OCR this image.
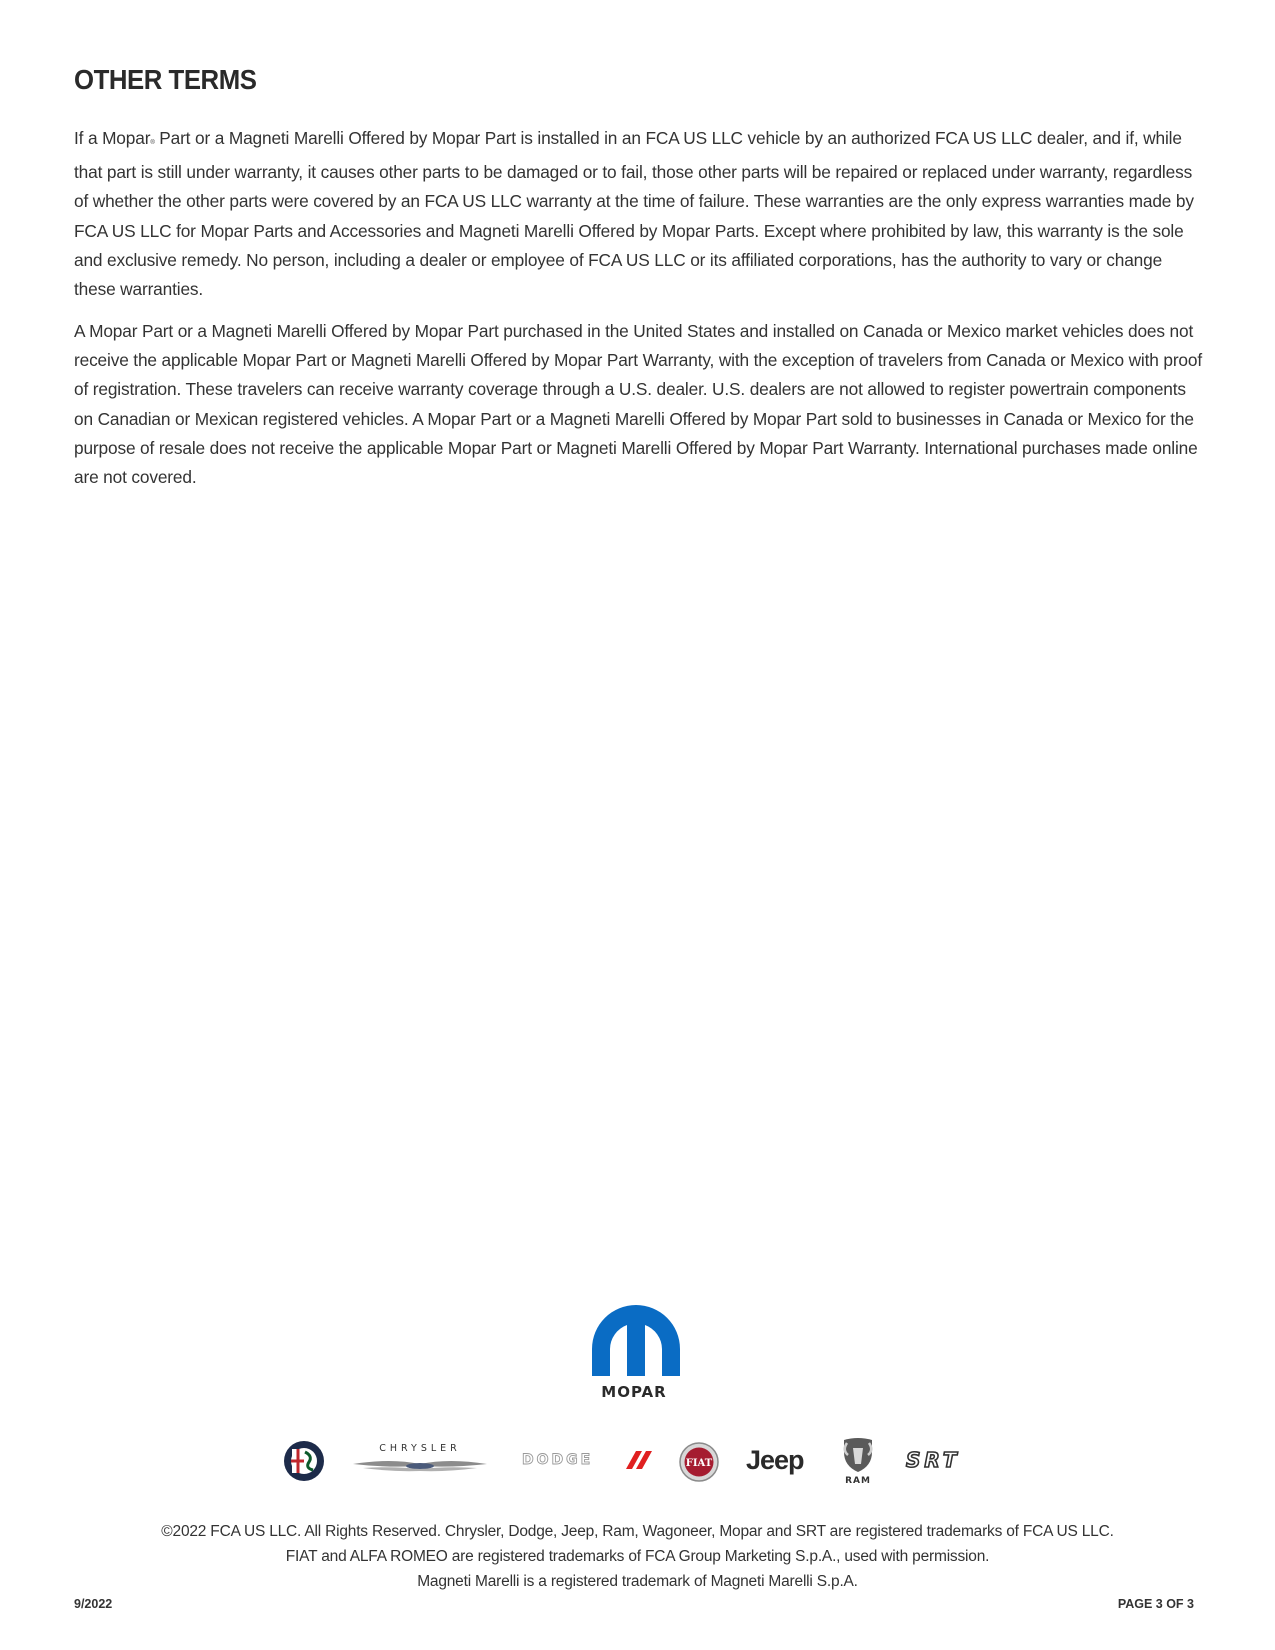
OTHER TERMS

If a Mopar® Part or a Magneti Marelli Offered by Mopar Part is installed in an FCA US LLC vehicle by an authorized FCA US LLC dealer, and if, while that part is still under warranty, it causes other parts to be damaged or to fail, those other parts will be repaired or replaced under warranty, regardless of whether the other parts were covered by an FCA US LLC warranty at the time of failure. These warranties are the only express warranties made by FCA US LLC for Mopar Parts and Accessories and Magneti Marelli Offered by Mopar Parts. Except where prohibited by law, this warranty is the sole and exclusive remedy. No person, including a dealer or employee of FCA US LLC or its affiliated corporations, has the authority to vary or change these warranties.

A Mopar Part or a Magneti Marelli Offered by Mopar Part purchased in the United States and installed on Canada or Mexico market vehicles does not receive the applicable Mopar Part or Magneti Marelli Offered by Mopar Part Warranty, with the exception of travelers from Canada or Mexico with proof of registration. These travelers can receive warranty coverage through a U.S. dealer. U.S. dealers are not allowed to register powertrain components on Canadian or Mexican registered vehicles. A Mopar Part or a Magneti Marelli Offered by Mopar Part sold to businesses in Canada or Mexico for the purpose of resale does not receive the applicable Mopar Part or Magneti Marelli Offered by Mopar Part Warranty. International purchases made online are not covered.

MOPAR
CHRYSLER
DODGE	FIAT Jeep
RAM
SRT
©2022 FCA US LLC. All Rights Reserved. Chrysler, Dodge, Jeep, Ram, Wagoneer, Mopar and SRT are registered trademarks of FCA US LLC.
FIAT and ALFA ROMEO are registered trademarks of FCA Group Marketing S.p.A., used with permission.
Magneti Marelli is a registered trademark of Magneti Marelli S.p.A.
9/2022	PAGE 3 OF 3
